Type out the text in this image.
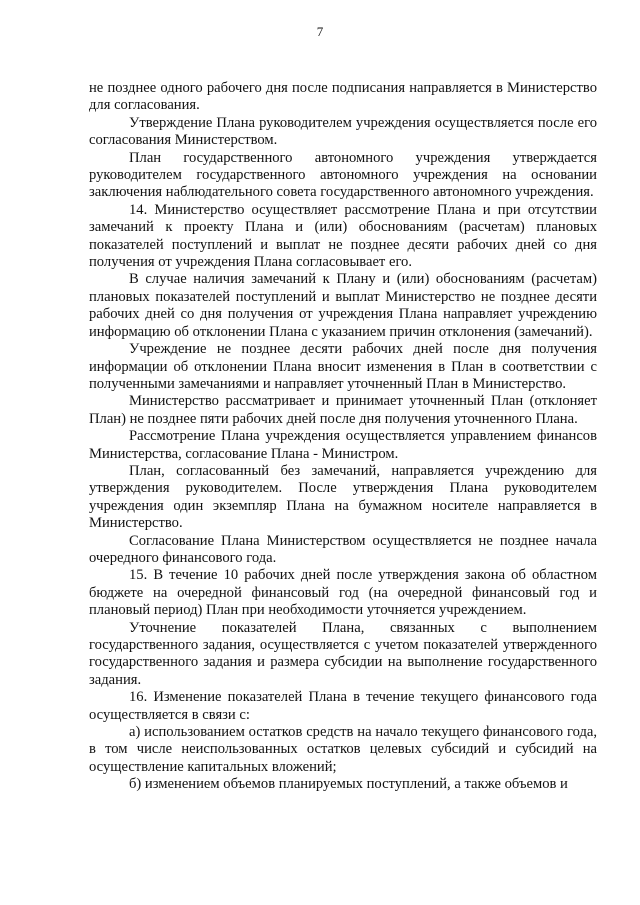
7

не позднее одного рабочего дня после подписания направляется в Министерство для согласования.

Утверждение Плана руководителем учреждения осуществляется после его согласования Министерством.

План государственного автономного учреждения утверждается руководителем государственного автономного учреждения на основании заключения наблюдательного совета государственного автономного учреждения.

14. Министерство осуществляет рассмотрение Плана и при отсутствии замечаний к проекту Плана и (или) обоснованиям (расчетам) плановых показателей поступлений и выплат не позднее десяти рабочих дней со дня получения от учреждения Плана согласовывает его.

В случае наличия замечаний к Плану и (или) обоснованиям (расчетам) плановых показателей поступлений и выплат Министерство не позднее десяти рабочих дней со дня получения от учреждения Плана направляет учреждению информацию об отклонении Плана с указанием причин отклонения (замечаний).

Учреждение не позднее десяти рабочих дней после дня получения информации об отклонении Плана вносит изменения в План в соответствии с полученными замечаниями и направляет уточненный План в Министерство.

Министерство рассматривает и принимает уточненный План (отклоняет План) не позднее пяти рабочих дней после дня получения уточненного Плана.

Рассмотрение Плана учреждения осуществляется управлением финансов Министерства, согласование Плана - Министром.

План, согласованный без замечаний, направляется учреждению для утверждения руководителем. После утверждения Плана руководителем учреждения один экземпляр Плана на бумажном носителе направляется в Министерство.

Согласование Плана Министерством осуществляется не позднее начала очередного финансового года.

15. В течение 10 рабочих дней после утверждения закона об областном бюджете на очередной финансовый год (на очередной финансовый год и плановый период) План при необходимости уточняется учреждением.

Уточнение показателей Плана, связанных с выполнением государственного задания, осуществляется с учетом показателей утвержденного государственного задания и размера субсидии на выполнение государственного задания.

16. Изменение показателей Плана в течение текущего финансового года осуществляется в связи с:

а) использованием остатков средств на начало текущего финансового года, в том числе неиспользованных остатков целевых субсидий и субсидий на осуществление капитальных вложений;

б) изменением объемов планируемых поступлений, а также объемов и
